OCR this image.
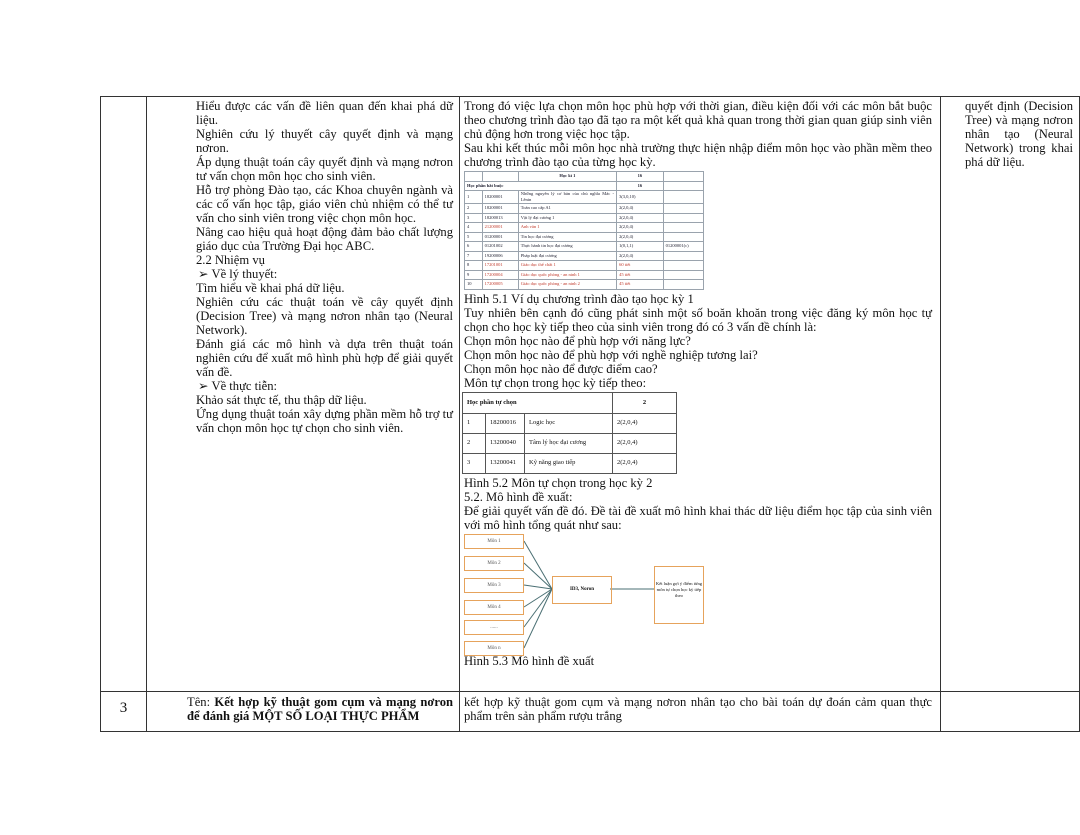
Hiểu được các vấn đề liên quan đến khai phá dữ liệu.
Nghiên cứu lý thuyết cây quyết định và mạng nơron.
Áp dụng thuật toán cây quyết định và mạng nơron tư vấn chọn môn học cho sinh viên.
Hỗ trợ phòng Đào tạo, các Khoa chuyên ngành và các cố vấn học tập, giáo viên chủ nhiệm có thể tư vấn cho sinh viên trong việc chọn môn học.
Nâng cao hiệu quả hoạt động đảm bảo chất lượng giáo dục của Trường Đại học ABC.
2.2 Nhiệm vụ
➢ Về lý thuyết:
Tìm hiểu về khai phá dữ liệu.
Nghiên cứu các thuật toán về cây quyết định (Decision Tree) và mạng nơron nhân tạo (Neural Network).
Đánh giá các mô hình và dựa trên thuật toán nghiên cứu để xuất mô hình phù hợp để giải quyết vấn đề.
➢ Về thực tiễn:
Khảo sát thực tế, thu thập dữ liệu.
Ứng dụng thuật toán xây dựng phần mềm hỗ trợ tư vấn chọn môn học tự chọn cho sinh viên.

Trong đó việc lựa chọn môn học phù hợp với thời gian, điều kiện đối với các môn bắt buộc theo chương trình đào tạo đã tạo ra một kết quả khả quan trong thời gian quan giúp sinh viên chủ động hơn trong việc học tập.
Sau khi kết thúc mỗi môn học nhà trường thực hiện nhập điểm môn học vào phần mềm theo chương trình đào tạo của từng học kỳ.
		Học kì 1	16	
Học phần bắt buộc	16	
1	18200001	Những nguyên lý cơ bản của chủ nghĩa Mác - Lênin	3(3,0,10)	
2	18200001	Toán cao cấp A1	2(2,0,4)	
3	18200013	Vật lý đại cương 1	2(2,0,4)	
4	21200001	Anh văn 1	2(2,0,4)	
5	01200001	Tin học đại cương	2(2,0,4)	
6	01201002	Thực hành tin học đại cương	1(0,1,1)	01200001(c)
7	19200006	Pháp luật đại cương	2(2,0,4)	
8	17201001	Giáo dục thể chất 1	60 tiết	
9	17200004	Giáo dục quốc phòng - an ninh 1	45 tiết	
10	17200005	Giáo dục quốc phòng - an ninh 2	45 tiết	
Hình 5.1 Ví dụ chương trình đào tạo học kỳ 1
Tuy nhiên bên cạnh đó cũng phát sinh một số boăn khoăn trong việc đăng ký môn học tự chọn cho học kỳ tiếp theo của sinh viên trong đó có 3 vấn đề chính là:
Chọn môn học nào để phù hợp với năng lực?
Chọn môn học nào để phù hợp với nghề nghiệp tương lai?
Chọn môn học nào để được điểm cao?
Môn tự chọn trong học kỳ tiếp theo:
Học phần tự chọn	2
1	18200016	Logic học	2(2,0,4)
2	13200040	Tâm lý học đại cương	2(2,0,4)
3	13200041	Kỹ năng giao tiếp	2(2,0,4)
Hình 5.2 Môn tự chọn trong học kỳ 2
5.2. Mô hình đề xuất:
Để giải quyết vấn đề đó. Đề tài đề xuất mô hình khai thác dữ liệu điểm học tập của sinh viên với mô hình tổng quát như sau:
Môn 1
Môn 2
Môn 3
Môn 4
......
Môn n
ID3, Noron
Kết luận gợi ý điểm từng môn tự chọn học kỳ tiếp theo
Hình 5.3 Mô hình đề xuất

quyết định (Decision Tree) và mạng nơron nhân tạo (Neural Network) trong khai phá dữ liệu.

3	Tên: Kết hợp kỹ thuật gom cụm và mạng nơron để đánh giá MỘT SỐ LOẠI THỰC PHẨM

kết hợp kỹ thuật gom cụm và mạng nơron nhân tạo cho bài toán dự đoán cảm quan thực phẩm trên sản phẩm rượu trắng
